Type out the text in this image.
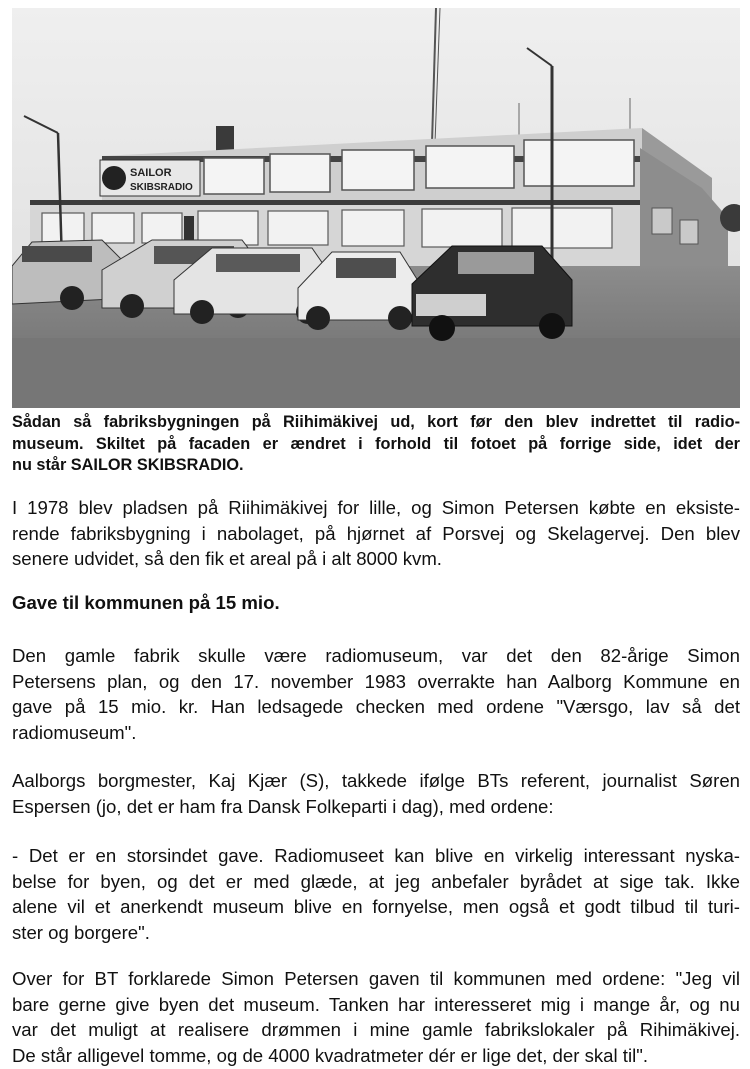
SAILOR
SKIBSRADIO
Sådan så fabriksbygningen på Riihimäkivej ud, kort før den blev indrettet til radio-
museum. Skiltet på facaden er ændret i forhold til fotoet på forrige side, idet der
nu står SAILOR SKIBSRADIO.
I 1978 blev pladsen på Riihimäkivej for lille, og Simon Petersen købte en eksiste-
rende fabriksbygning i nabolaget, på hjørnet af Porsvej og Skelagervej. Den blev
senere udvidet, så den fik et areal på i alt 8000 kvm.
Gave til kommunen på 15 mio.
Den gamle fabrik skulle være radiomuseum, var det den 82-årige Simon
Petersens plan, og den 17. november 1983 overrakte han Aalborg Kommune en
gave på 15 mio. kr. Han ledsagede checken med ordene "Værsgo, lav så det
radiomuseum".
Aalborgs borgmester, Kaj Kjær (S), takkede ifølge BTs referent, journalist Søren
Espersen (jo, det er ham fra Dansk Folkeparti i dag), med ordene:
- Det er en storsindet gave. Radiomuseet kan blive en virkelig interessant nyska-
belse for byen, og det er med glæde, at jeg anbefaler byrådet at sige tak. Ikke
alene vil et anerkendt museum blive en fornyelse, men også et godt tilbud til turi-
ster og borgere".
Over for BT forklarede Simon Petersen gaven til kommunen med ordene: "Jeg vil
bare gerne give byen det museum. Tanken har interesseret mig i mange år, og nu
var det muligt at realisere drømmen i mine gamle fabrikslokaler på Rihimäkivej.
De står alligevel tomme, og de 4000 kvadratmeter dér er lige det, der skal til".
